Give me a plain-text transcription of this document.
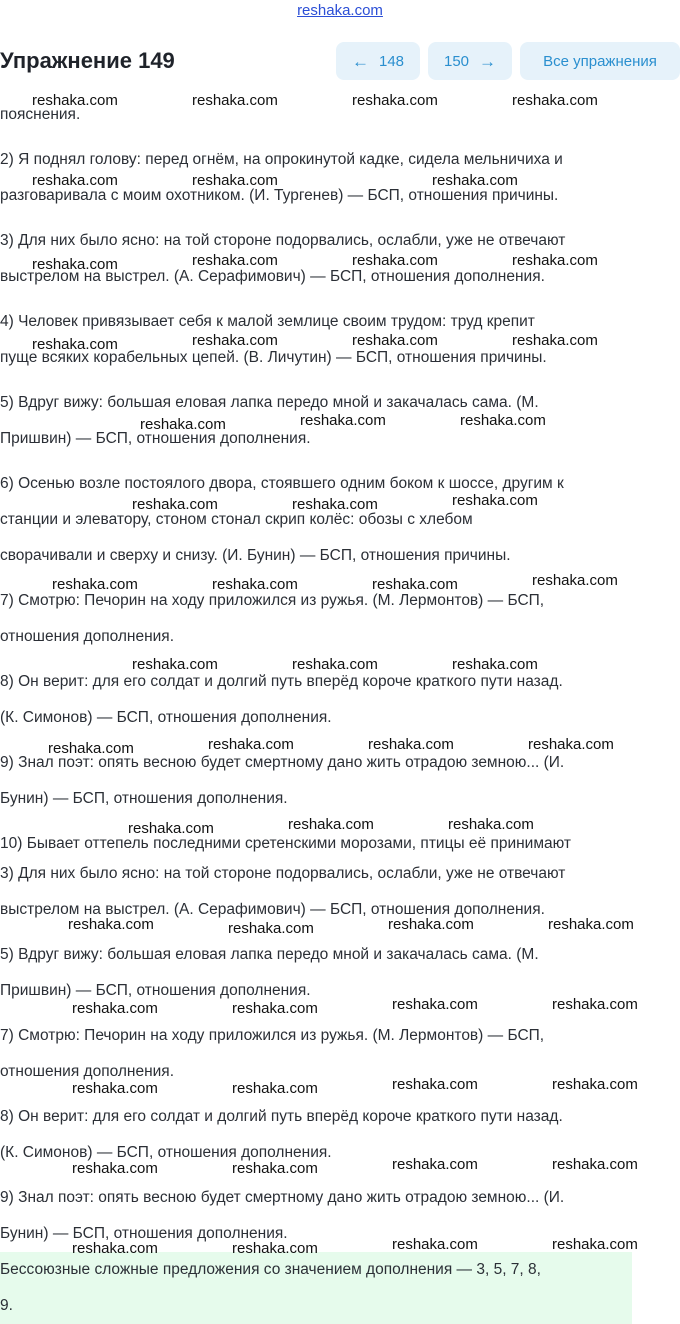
reshaka.com
Упражнение 149	← 148	150 →	Все упражнения
пояснения.
2) Я поднял голову: перед огнём, на опрокинутой кадке, сидела мельничиха и
разговаривала с моим охотником. (И. Тургенев) — БСП, отношения причины.
3) Для них было ясно: на той стороне подорвались, ослабли, уже не отвечают
выстрелом на выстрел. (А. Серафимович) — БСП, отношения дополнения.
4) Человек привязывает себя к малой землице своим трудом: труд крепит
пуще всяких корабельных цепей. (В. Личутин) — БСП, отношения причины.
5) Вдруг вижу: большая еловая лапка передо мной и закачалась сама. (М.
Пришвин) — БСП, отношения дополнения.
6) Осенью возле постоялого двора, стоявшего одним боком к шоссе, другим к
станции и элеватору, стоном стонал скрип колёс: обозы с хлебом
сворачивали и сверху и снизу. (И. Бунин) — БСП, отношения причины.
7) Смотрю: Печорин на ходу приложился из ружья. (М. Лермонтов) — БСП,
отношения дополнения.
8) Он верит: для его солдат и долгий путь вперёд короче краткого пути назад.
(К. Симонов) — БСП, отношения дополнения.
9) Знал поэт: опять весною будет смертному дано жить отрадою земною... (И.
Бунин) — БСП, отношения дополнения.
10) Бывает оттепель последними сретенскими морозами, птицы её принимают
3) Для них было ясно: на той стороне подорвались, ослабли, уже не отвечают
выстрелом на выстрел. (А. Серафимович) — БСП, отношения дополнения.
5) Вдруг вижу: большая еловая лапка передо мной и закачалась сама. (М.
Пришвин) — БСП, отношения дополнения.
7) Смотрю: Печорин на ходу приложился из ружья. (М. Лермонтов) — БСП,
отношения дополнения.
8) Он верит: для его солдат и долгий путь вперёд короче краткого пути назад.
(К. Симонов) — БСП, отношения дополнения.
9) Знал поэт: опять весною будет смертному дано жить отрадою земною... (И.
Бунин) — БСП, отношения дополнения.
Бессоюзные сложные предложения со значением дополнения — 3, 5, 7, 8,
9.
reshaka.com	reshaka.com	reshaka.com	reshaka.com
reshaka.com	reshaka.com	reshaka.com
reshaka.com	reshaka.com	reshaka.com	reshaka.com
reshaka.com	reshaka.com	reshaka.com	reshaka.com
reshaka.com	reshaka.com	reshaka.com
reshaka.com	reshaka.com	reshaka.com
reshaka.com	reshaka.com	reshaka.com	reshaka.com
reshaka.com	reshaka.com	reshaka.com
reshaka.com	reshaka.com	reshaka.com	reshaka.com
reshaka.com	reshaka.com	reshaka.com
reshaka.com	reshaka.com	reshaka.com	reshaka.com
reshaka.com	reshaka.com	reshaka.com	reshaka.com
reshaka.com	reshaka.com	reshaka.com	reshaka.com
reshaka.com	reshaka.com	reshaka.com	reshaka.com
reshaka.com	reshaka.com	reshaka.com	reshaka.com
